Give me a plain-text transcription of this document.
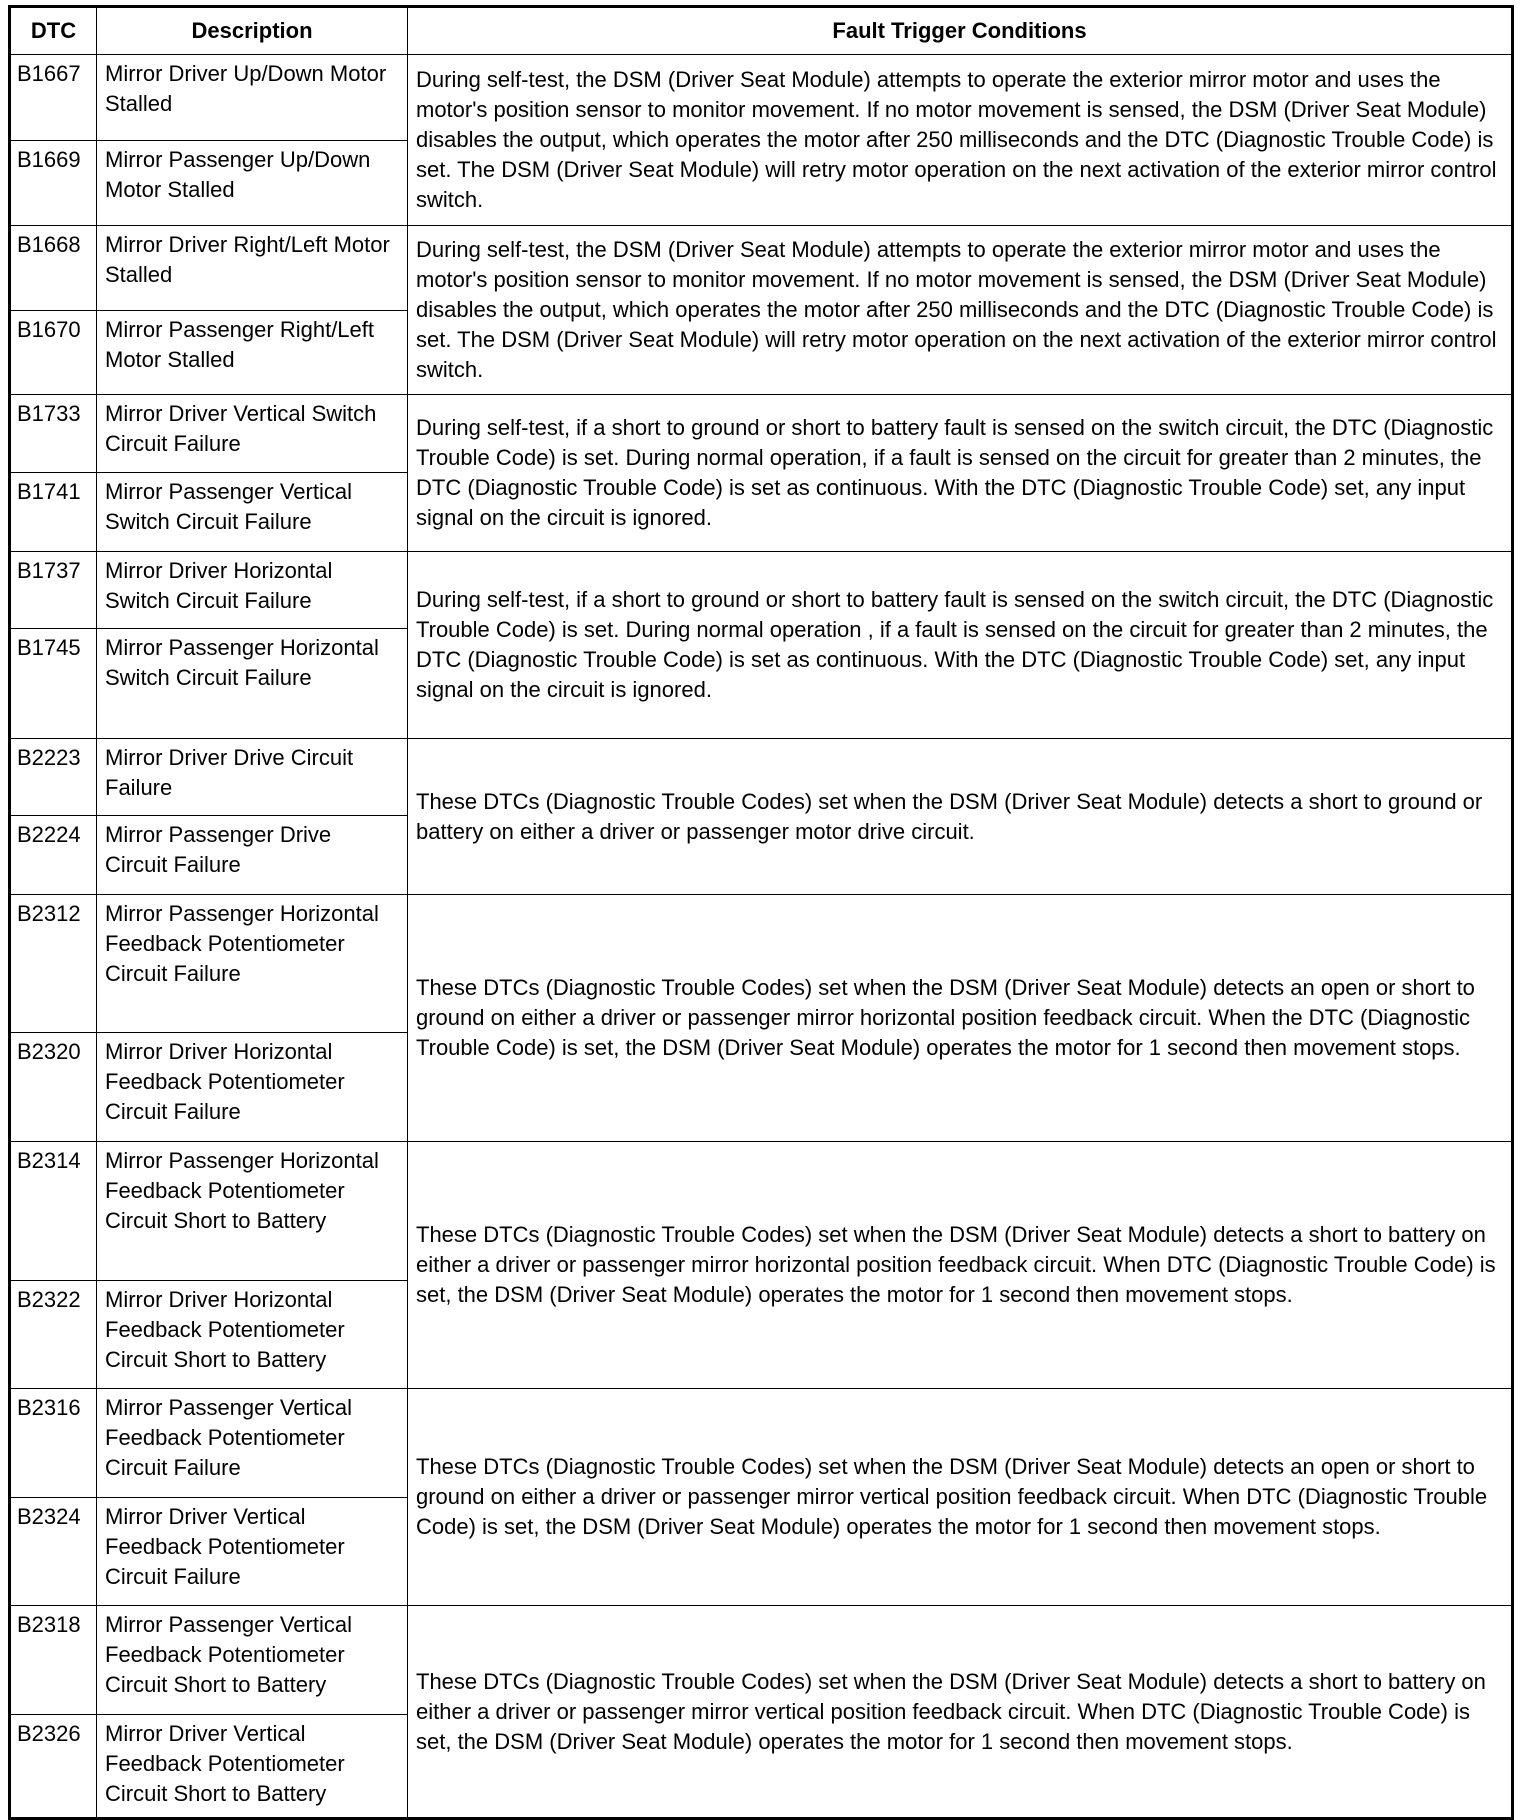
DTC	Description	Fault Trigger Conditions
B1667	Mirror Driver Up/Down Motor Stalled	During self-test, the DSM (Driver Seat Module) attempts to operate the exterior mirror motor and uses the motor's position sensor to monitor movement. If no motor movement is sensed, the DSM (Driver Seat Module) disables the output, which operates the motor after 250 milliseconds and the DTC (Diagnostic Trouble Code) is set. The DSM (Driver Seat Module) will retry motor operation on the next activation of the exterior mirror control switch.
B1669	Mirror Passenger Up/Down Motor Stalled	
B1668	Mirror Driver Right/Left Motor Stalled	During self-test, the DSM (Driver Seat Module) attempts to operate the exterior mirror motor and uses the motor's position sensor to monitor movement. If no motor movement is sensed, the DSM (Driver Seat Module) disables the output, which operates the motor after 250 milliseconds and the DTC (Diagnostic Trouble Code) is set. The DSM (Driver Seat Module) will retry motor operation on the next activation of the exterior mirror control switch.
B1670	Mirror Passenger Right/Left Motor Stalled	
B1733	Mirror Driver Vertical Switch Circuit Failure	During self-test, if a short to ground or short to battery fault is sensed on the switch circuit, the DTC (Diagnostic Trouble Code) is set. During normal operation, if a fault is sensed on the circuit for greater than 2 minutes, the DTC (Diagnostic Trouble Code) is set as continuous. With the DTC (Diagnostic Trouble Code) set, any input signal on the circuit is ignored.
B1741	Mirror Passenger Vertical Switch Circuit Failure	
B1737	Mirror Driver Horizontal Switch Circuit Failure	During self-test, if a short to ground or short to battery fault is sensed on the switch circuit, the DTC (Diagnostic Trouble Code) is set. During normal operation , if a fault is sensed on the circuit for greater than 2 minutes, the DTC (Diagnostic Trouble Code) is set as continuous. With the DTC (Diagnostic Trouble Code) set, any input signal on the circuit is ignored.
B1745	Mirror Passenger Horizontal Switch Circuit Failure	
B2223	Mirror Driver Drive Circuit Failure	These DTCs (Diagnostic Trouble Codes) set when the DSM (Driver Seat Module) detects a short to ground or battery on either a driver or passenger motor drive circuit.
B2224	Mirror Passenger Drive Circuit Failure	
B2312	Mirror Passenger Horizontal Feedback Potentiometer Circuit Failure	These DTCs (Diagnostic Trouble Codes) set when the DSM (Driver Seat Module) detects an open or short to ground on either a driver or passenger mirror horizontal position feedback circuit. When the DTC (Diagnostic Trouble Code) is set, the DSM (Driver Seat Module) operates the motor for 1 second then movement stops.
B2320	Mirror Driver Horizontal Feedback Potentiometer Circuit Failure	
B2314	Mirror Passenger Horizontal Feedback Potentiometer Circuit Short to Battery	These DTCs (Diagnostic Trouble Codes) set when the DSM (Driver Seat Module) detects a short to battery on either a driver or passenger mirror horizontal position feedback circuit. When DTC (Diagnostic Trouble Code) is set, the DSM (Driver Seat Module) operates the motor for 1 second then movement stops.
B2322	Mirror Driver Horizontal Feedback Potentiometer Circuit Short to Battery	
B2316	Mirror Passenger Vertical Feedback Potentiometer Circuit Failure	These DTCs (Diagnostic Trouble Codes) set when the DSM (Driver Seat Module) detects an open or short to ground on either a driver or passenger mirror vertical position feedback circuit. When DTC (Diagnostic Trouble Code) is set, the DSM (Driver Seat Module) operates the motor for 1 second then movement stops.
B2324	Mirror Driver Vertical Feedback Potentiometer Circuit Failure	
B2318	Mirror Passenger Vertical Feedback Potentiometer Circuit Short to Battery	These DTCs (Diagnostic Trouble Codes) set when the DSM (Driver Seat Module) detects a short to battery on either a driver or passenger mirror vertical position feedback circuit. When DTC (Diagnostic Trouble Code) is set, the DSM (Driver Seat Module) operates the motor for 1 second then movement stops.
B2326	Mirror Driver Vertical Feedback Potentiometer Circuit Short to Battery	
